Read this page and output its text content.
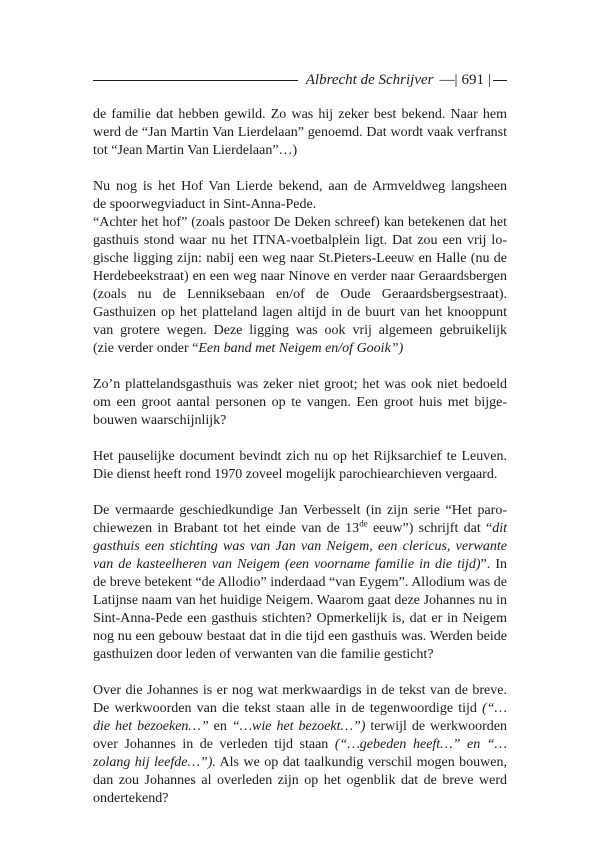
Albrecht de Schrijver —| 691 |

de familie dat hebben gewild. Zo was hij zeker best bekend. Naar hem
werd de “Jan Martin Van Lierdelaan” genoemd. Dat wordt vaak verfranst
tot “Jean Martin Van Lierdelaan”…)

Nu nog is het Hof Van Lierde bekend, aan de Armveldweg langsheen
de spoorwegviaduct in Sint-Anna-Pede.

“Achter het hof” (zoals pastoor De Deken schreef) kan betekenen dat het
gasthuis stond waar nu het ITNA-voetbalplein ligt. Dat zou een vrij lo-
gische ligging zijn: nabij een weg naar St.Pieters-Leeuw en Halle (nu de
Herdebeekstraat) en een weg naar Ninove en verder naar Geraardsbergen
(zoals nu de Lenniksebaan en/of de Oude Geraardsbergsestraat).
Gasthuizen op het platteland lagen altijd in de buurt van het knooppunt
van grotere wegen. Deze ligging was ook vrij algemeen gebruikelijk
(zie verder onder “Een band met Neigem en/of Gooik”)

Zo’n plattelandsgasthuis was zeker niet groot; het was ook niet bedoeld
om een groot aantal personen op te vangen. Een groot huis met bijge-
bouwen waarschijnlijk?

Het pauselijke document bevindt zich nu op het Rijksarchief te Leuven.
Die dienst heeft rond 1970 zoveel mogelijk parochiearchieven vergaard.

De vermaarde geschiedkundige Jan Verbesselt (in zijn serie “Het paro-
chiewezen in Brabant tot het einde van de 13de eeuw”) schrijft dat “dit
gasthuis een stichting was van Jan van Neigem, een clericus, verwante
van de kasteelheren van Neigem (een voorname familie in die tijd)”. In
de breve betekent “de Allodio” inderdaad “van Eygem”. Allodium was de
Latijnse naam van het huidige Neigem. Waarom gaat deze Johannes nu in
Sint-Anna-Pede een gasthuis stichten? Opmerkelijk is, dat er in Neigem
nog nu een gebouw bestaat dat in die tijd een gasthuis was. Werden beide
gasthuizen door leden of verwanten van die familie gesticht?

Over die Johannes is er nog wat merkwaardigs in de tekst van de breve.
De werkwoorden van die tekst staan alle in de tegenwoordige tijd (“…
die het bezoeken…” en “…wie het bezoekt…”) terwijl de werkwoorden
over Johannes in de verleden tijd staan (“…gebeden heeft…” en “…
zolang hij leefde…”). Als we op dat taalkundig verschil mogen bouwen,
dan zou Johannes al overleden zijn op het ogenblik dat de breve werd
ondertekend?
